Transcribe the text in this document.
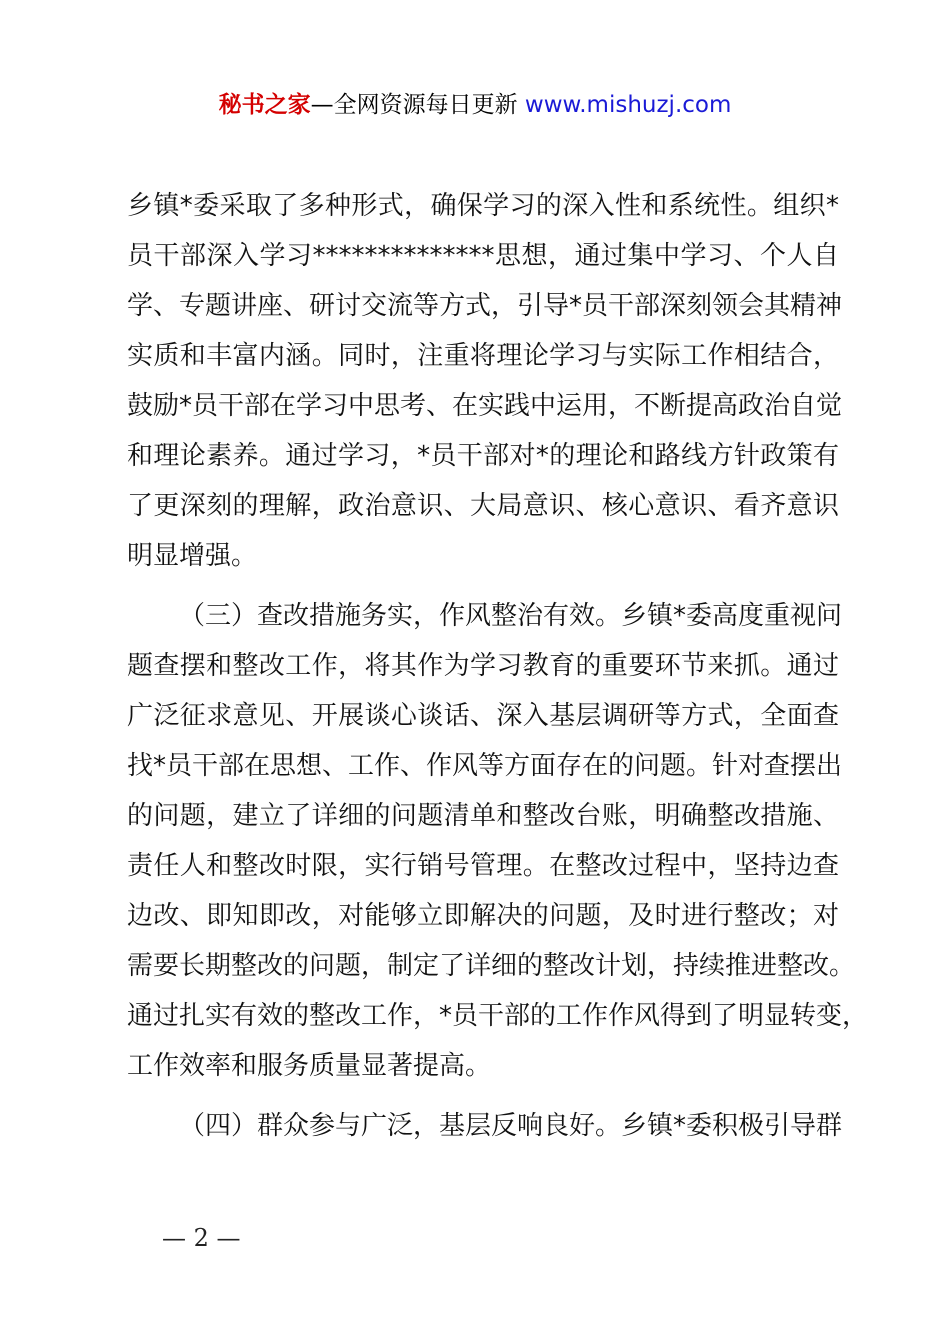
秘书之家—全网资源每日更新 www.mishuzj.com
乡镇*委采取了多种形式，确保学习的深入性和系统性。组织*
员干部深入学习**************思想，通过集中学习、个人自
学、专题讲座、研讨交流等方式，引导*员干部深刻领会其精神
实质和丰富内涵。同时，注重将理论学习与实际工作相结合，
鼓励*员干部在学习中思考、在实践中运用，不断提高政治自觉
和理论素养。通过学习，*员干部对*的理论和路线方针政策有
了更深刻的理解，政治意识、大局意识、核心意识、看齐意识
明显增强。
（三）查改措施务实，作风整治有效。乡镇*委高度重视问
题查摆和整改工作，将其作为学习教育的重要环节来抓。通过
广泛征求意见、开展谈心谈话、深入基层调研等方式，全面查
找*员干部在思想、工作、作风等方面存在的问题。针对查摆出
的问题，建立了详细的问题清单和整改台账，明确整改措施、
责任人和整改时限，实行销号管理。在整改过程中，坚持边查
边改、即知即改，对能够立即解决的问题，及时进行整改；对
需要长期整改的问题，制定了详细的整改计划，持续推进整改。
通过扎实有效的整改工作，*员干部的工作作风得到了明显转变，
工作效率和服务质量显著提高。
（四）群众参与广泛，基层反响良好。乡镇*委积极引导群
— 2 —
